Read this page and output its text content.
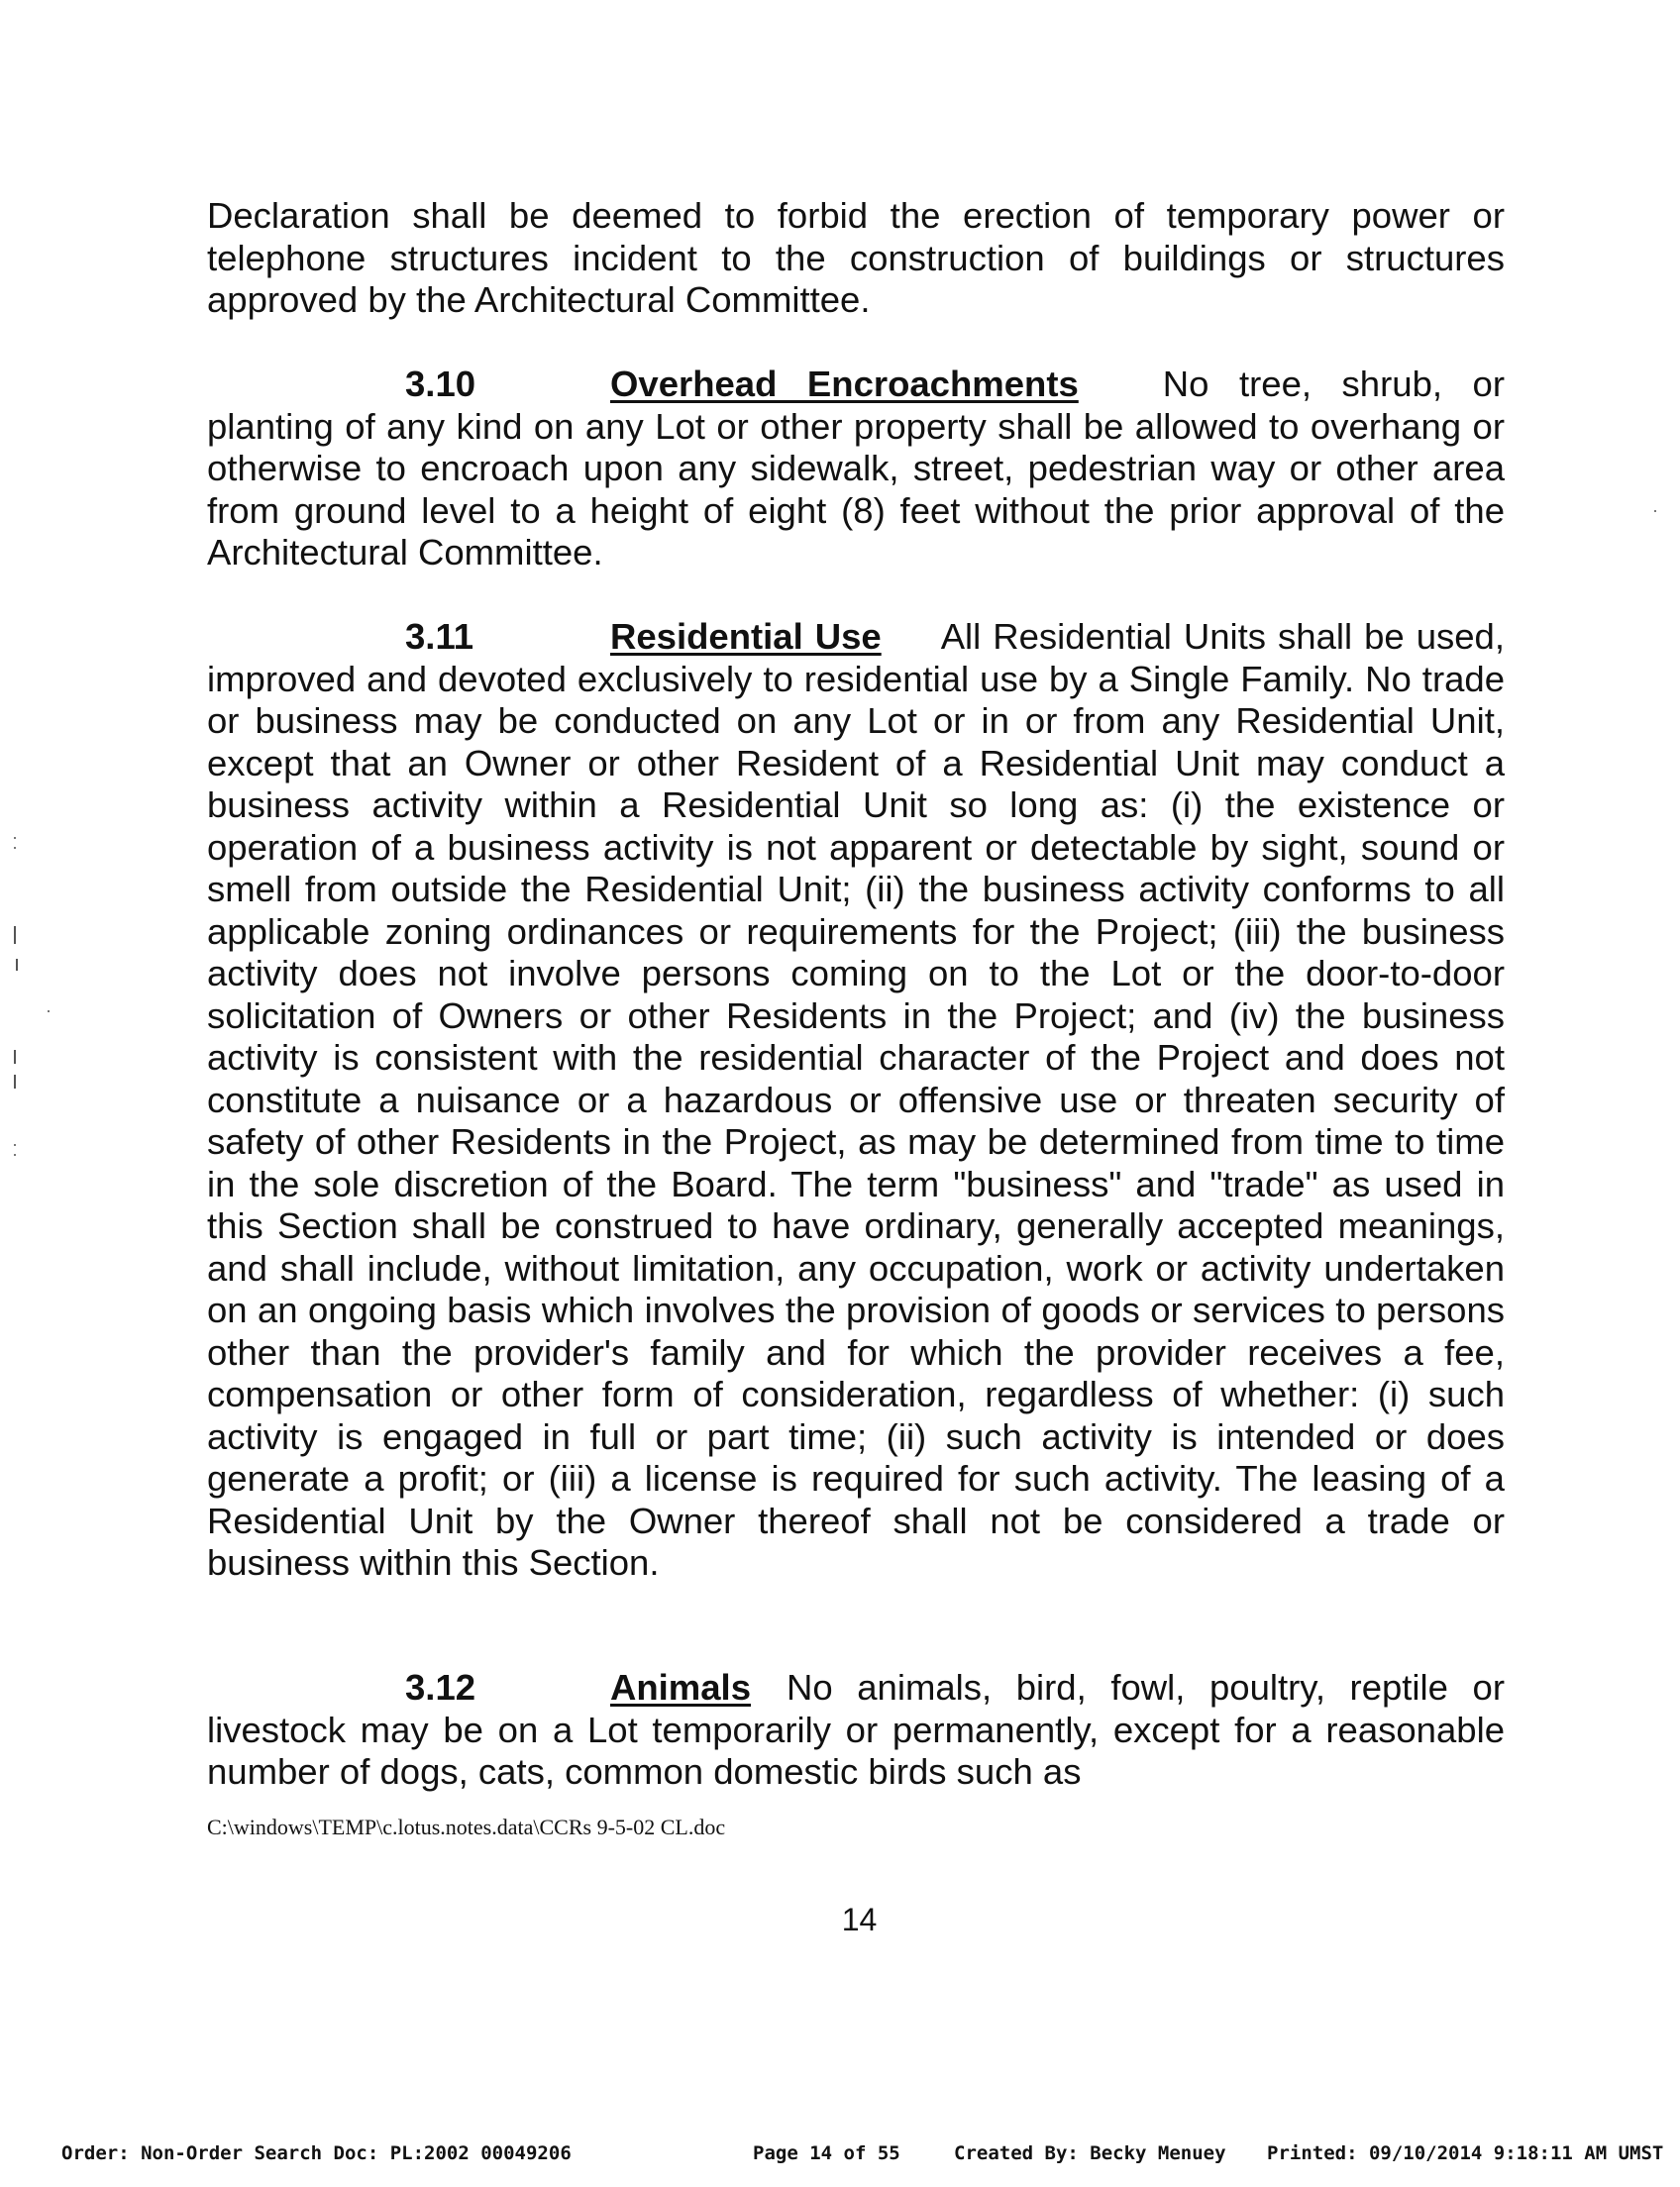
Declaration shall be deemed to forbid the erection of temporary power or telephone structures incident to the construction of buildings or structures approved by the Architectural Committee.

3.10	Overhead Encroachments No tree, shrub, or planting of any kind on any Lot or other property shall be allowed to overhang or otherwise to encroach upon any sidewalk, street, pedestrian way or other area from ground level to a height of eight (8) feet without the prior approval of the Architectural Committee.

3.11	Residential Use All Residential Units shall be used, improved and devoted exclusively to residential use by a Single Family. No trade or business may be conducted on any Lot or in or from any Residential Unit, except that an Owner or other Resident of a Residential Unit may conduct a business activity within a Residential Unit so long as: (i) the existence or operation of a business activity is not apparent or detectable by sight, sound or smell from outside the Residential Unit; (ii) the business activity conforms to all applicable zoning ordinances or requirements for the Project; (iii) the business activity does not involve persons coming on to the Lot or the door-to-door solicitation of Owners or other Residents in the Project; and (iv) the business activity is consistent with the residential character of the Project and does not constitute a nuisance or a hazardous or offensive use or threaten security of safety of other Residents in the Project, as may be determined from time to time in the sole discretion of the Board. The term "business" and "trade" as used in this Section shall be construed to have ordinary, generally accepted meanings, and shall include, without limitation, any occupation, work or activity undertaken on an ongoing basis which involves the provision of goods or services to persons other than the provider's family and for which the provider receives a fee, compensation or other form of consideration, regardless of whether: (i) such activity is engaged in full or part time; (ii) such activity is intended or does generate a profit; or (iii) a license is required for such activity. The leasing of a Residential Unit by the Owner thereof shall not be considered a trade or business within this Section.

3.12	Animals No animals, bird, fowl, poultry, reptile or livestock may be on a Lot temporarily or permanently, except for a reasonable number of dogs, cats, common domestic birds such as

C:\windows\TEMP\c.lotus.notes.data\CCRs 9-5-02 CL.doc

14
Order: Non-Order Search Doc: PL:2002 00049206	Page 14 of 55	Created By: Becky Menuey Printed: 09/10/2014 9:18:11 AM UMST
